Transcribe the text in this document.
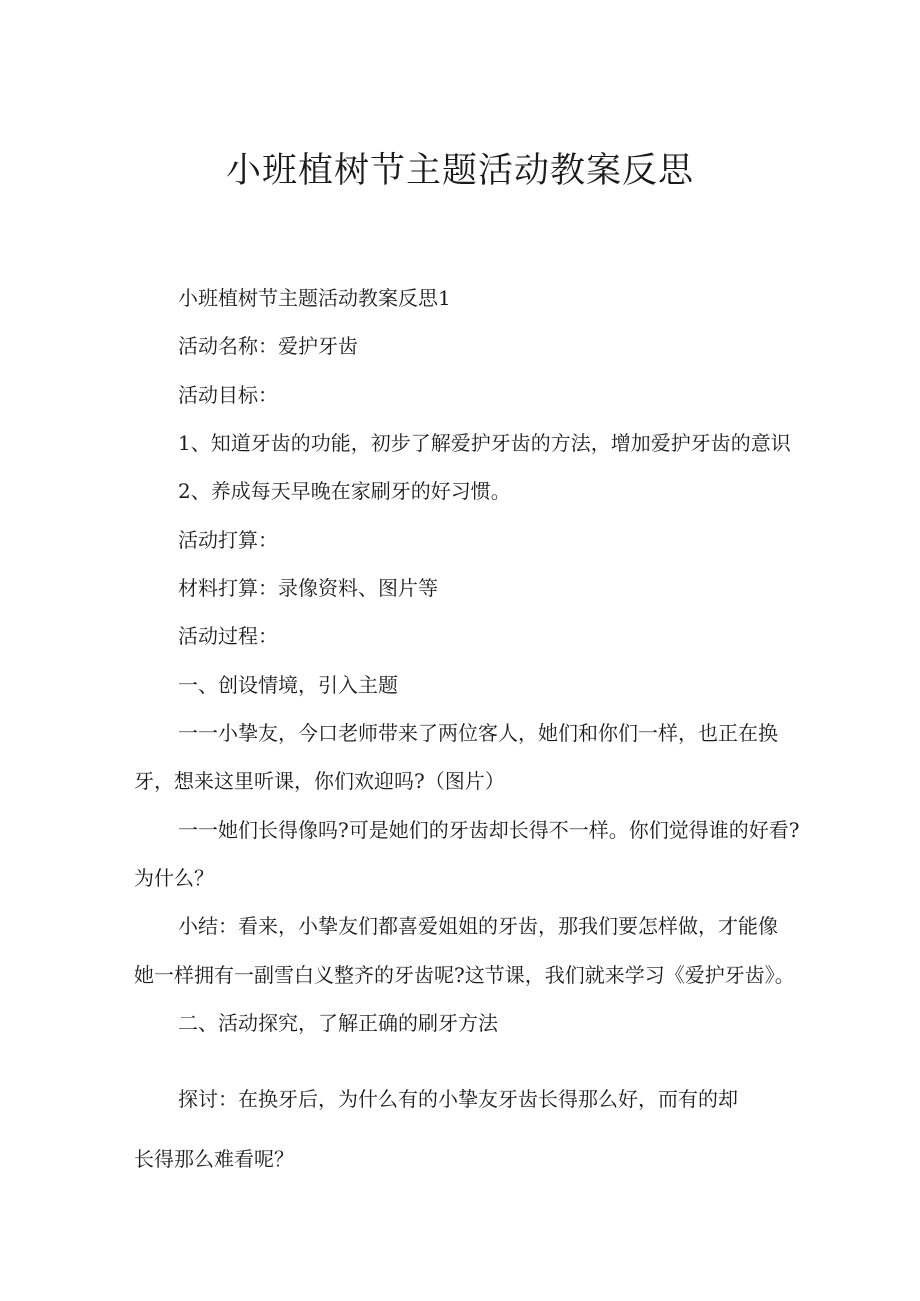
小班植树节主题活动教案反思

小班植树节主题活动教案反思1

活动名称：爱护牙齿

活动目标：

1、知道牙齿的功能，初步了解爱护牙齿的方法，增加爱护牙齿的意识

2、养成每天早晚在家刷牙的好习惯。

活动打算：

材料打算：录像资料、图片等

活动过程：

一、创设情境，引入主题

一一小挚友，今口老师带来了两位客人，她们和你们一样，也正在换

牙，想来这里听课，你们欢迎吗?（图片）

一一她们长得像吗?可是她们的牙齿却长得不一样。你们觉得谁的好看?

为什么？

小结：看来，小挚友们都喜爱姐姐的牙齿，那我们要怎样做，才能像

她一样拥有一副雪白义整齐的牙齿呢?这节课，我们就来学习《爱护牙齿》。

二、活动探究，了解正确的刷牙方法

探讨：在换牙后，为什么有的小挚友牙齿长得那么好，而有的却

长得那么难看呢？
